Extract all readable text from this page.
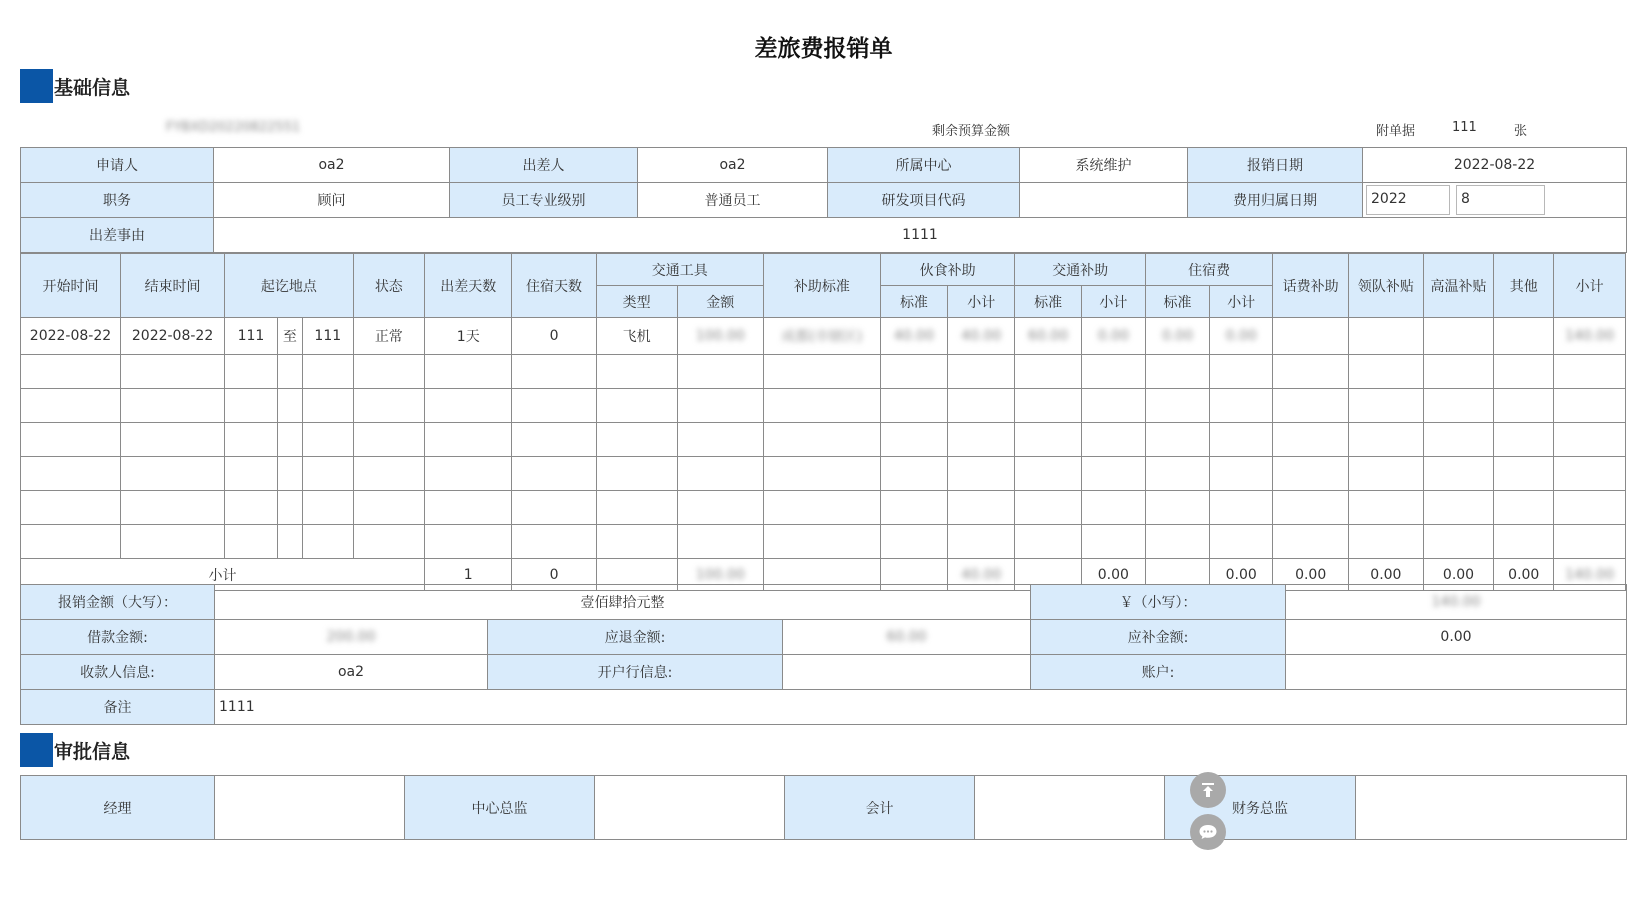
差旅费报销单
基础信息
FYBXD20220822551	剩余预算金额	附单据	111	张
申请人	oa2	出差人	oa2	所属中心	系统维护	报销日期	2022-08-22
职务	顾问	员工专业级别	普通员工	研发项目代码		费用归属日期	2022 8

出差事由	1111						
开始时间	结束时间	起讫地点			状态	出差天数	住宿天数	交通工具		补助标准	伙食补助		交通补助		住宿费		话费补助	领队补贴	高温补贴	其他	小计
								类型	金额		标准	小计	标准	小计	标准	小计					
2022-08-22	2022-08-22	111	至	111	正常	1天	0	飞机	100.00	成都(市辖区)	40.00	40.00	60.00	0.00	0.00	0.00					140.00

小计						1	0		100.00			40.00		0.00		0.00	0.00	0.00	0.00	0.00	140.00
报销金额（大写）：	壹佰肆拾元整			￥（小写）：	140.00
借款金额:	200.00	应退金额:	60.00	应补金额:	0.00
收款人信息:	oa2	开户行信息:		账户:	
备注	1111				
审批信息
经理		中心总监		会计		财务总监	
